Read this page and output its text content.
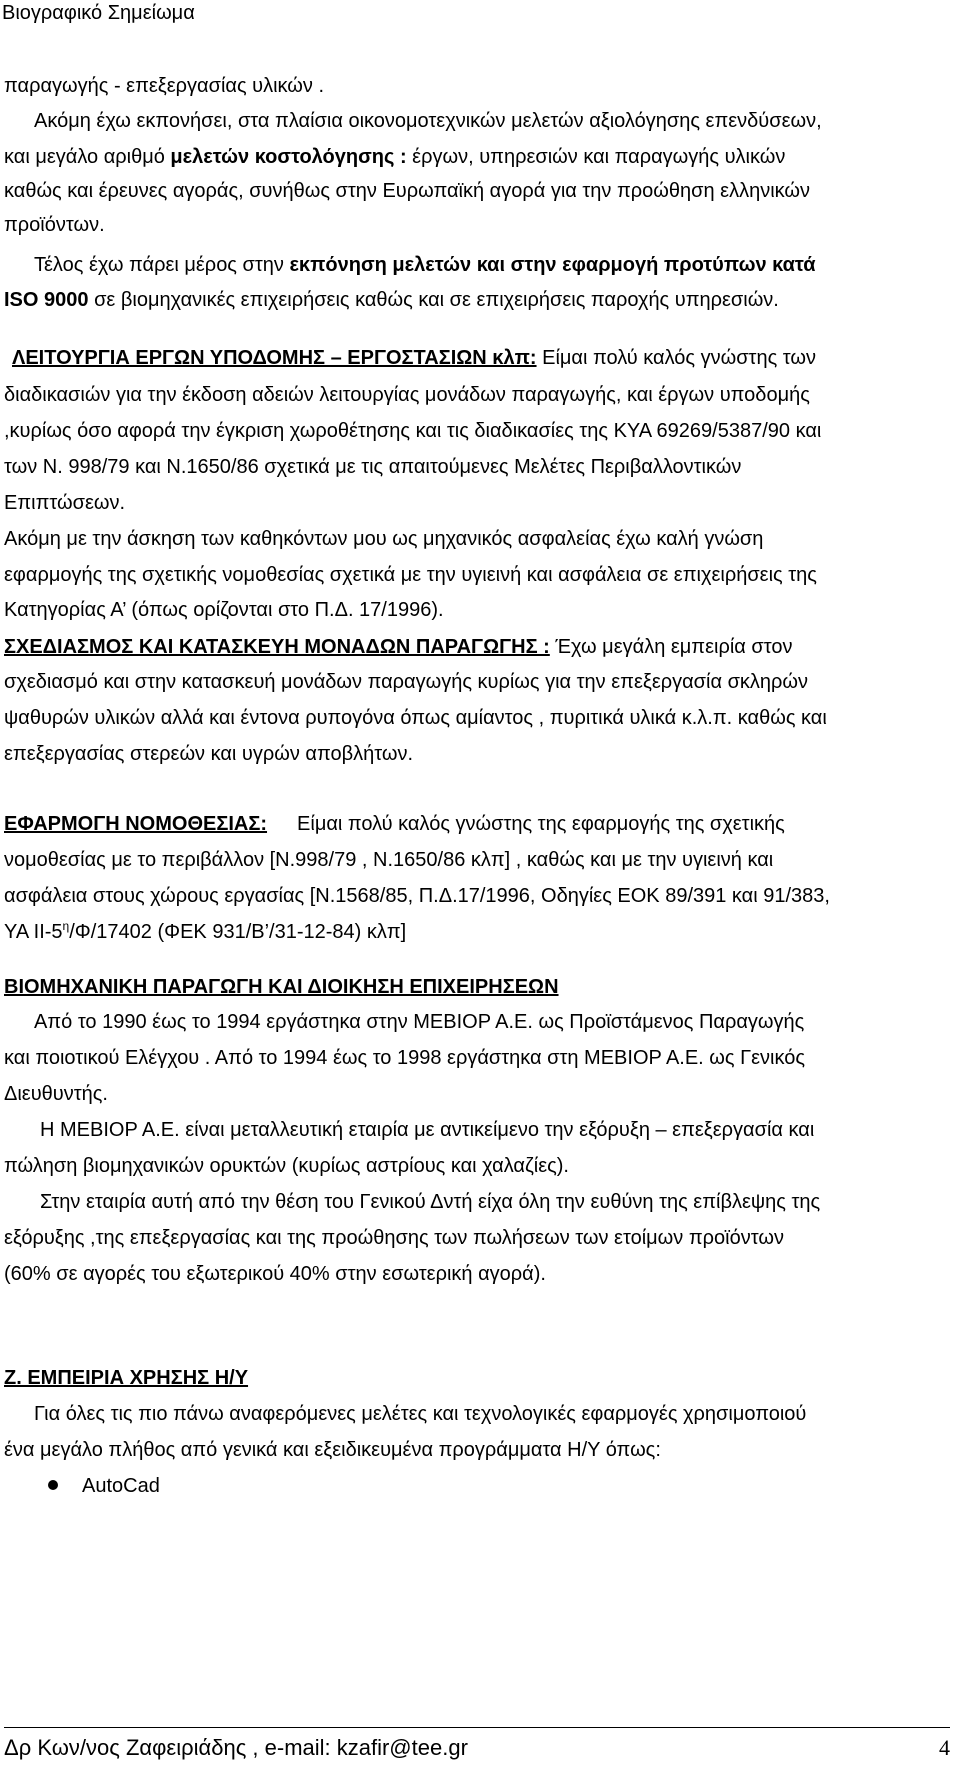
Βιογραφικό Σημείωμα
παραγωγής - επεξεργασίας υλικών .
Ακόμη έχω εκπονήσει, στα πλαίσια οικονομοτεχνικών μελετών αξιολόγησης επενδύσεων,
και μεγάλο αριθμό μελετών κοστολόγησης : έργων, υπηρεσιών και παραγωγής υλικών
καθώς και έρευνες αγοράς, συνήθως στην Ευρωπαϊκή αγορά για την προώθηση ελληνικών
προϊόντων.
Τέλος έχω πάρει μέρος στην εκπόνηση μελετών και στην εφαρμογή προτύπων κατά
ISO 9000 σε βιομηχανικές επιχειρήσεις καθώς και σε επιχειρήσεις παροχής υπηρεσιών.
ΛΕΙΤΟΥΡΓΙΑ ΕΡΓΩΝ ΥΠΟΔΟΜΗΣ – ΕΡΓΟΣΤΑΣΙΩΝ κλπ: Είμαι πολύ καλός γνώστης των
διαδικασιών για την έκδοση αδειών λειτουργίας μονάδων παραγωγής, και έργων υποδομής
,κυρίως όσο αφορά την έγκριση χωροθέτησης και τις διαδικασίες της ΚΥΑ 69269/5387/90 και
των Ν. 998/79 και Ν.1650/86 σχετικά με τις απαιτούμενες Μελέτες Περιβαλλοντικών
Επιπτώσεων.
Ακόμη με την άσκηση των καθηκόντων μου ως μηχανικός ασφαλείας έχω καλή γνώση
εφαρμογής της σχετικής νομοθεσίας σχετικά με την υγιεινή και ασφάλεια σε επιχειρήσεις της
Κατηγορίας Α’ (όπως ορίζονται στο Π.Δ. 17/1996).
ΣΧΕΔΙΑΣΜΟΣ ΚΑΙ ΚΑΤΑΣΚΕΥΗ ΜΟΝΑΔΩΝ ΠΑΡΑΓΩΓΗΣ : Έχω μεγάλη εμπειρία στον
σχεδιασμό και στην κατασκευή μονάδων παραγωγής κυρίως για την επεξεργασία σκληρών
ψαθυρών υλικών αλλά και έντονα ρυπογόνα όπως αμίαντος , πυριτικά υλικά κ.λ.π. καθώς και
επεξεργασίας στερεών και υγρών αποβλήτων.
ΕΦΑΡΜΟΓΗ ΝΟΜΟΘΕΣΙΑΣ: Είμαι πολύ καλός γνώστης της εφαρμογής της σχετικής
νομοθεσίας με το περιβάλλον [Ν.998/79 , Ν.1650/86 κλπ] , καθώς και με την υγιεινή και
ασφάλεια στους χώρους εργασίας [Ν.1568/85, Π.Δ.17/1996, Οδηγίες ΕΟΚ 89/391 και 91/383,
ΥΑ $II-5^\eta/\Phi/17402$ (ΦΕΚ 931/Β’/31-12-84) κλπ]
ΒΙΟΜΗΧΑΝΙΚΗ ΠΑΡΑΓΩΓΗ ΚΑΙ ΔΙΟΙΚΗΣΗ ΕΠΙΧΕΙΡΗΣΕΩΝ
Από το 1990 έως το 1994 εργάστηκα στην ΜΕΒΙΟΡ Α.Ε. ως Προϊστάμενος Παραγωγής
και ποιοτικού Ελέγχου . Από το 1994 έως το 1998 εργάστηκα στη ΜΕΒΙΟΡ Α.Ε. ως Γενικός
Διευθυντής.
Η ΜΕΒΙΟΡ Α.Ε. είναι μεταλλευτική εταιρία με αντικείμενο την εξόρυξη – επεξεργασία και
πώληση βιομηχανικών ορυκτών (κυρίως αστρίους και χαλαζίες).
Στην εταιρία αυτή από την θέση του Γενικού Δντή είχα όλη την ευθύνη της επίβλεψης της
εξόρυξης ,της επεξεργασίας και της προώθησης των πωλήσεων των ετοίμων προϊόντων
(60% σε αγορές του εξωτερικού 40% στην εσωτερική αγορά).
Ζ. ΕΜΠΕΙΡΙΑ ΧΡΗΣΗΣ Η/Υ
Για όλες τις πιο πάνω αναφερόμενες μελέτες και τεχνολογικές εφαρμογές χρησιμοποιού
ένα μεγάλο πλήθος από γενικά και εξειδικευμένα προγράμματα Η/Υ όπως:
AutoCad
Δρ Κων/νος Ζαφειριάδης , e-mail: kzafir@tee.gr	4
